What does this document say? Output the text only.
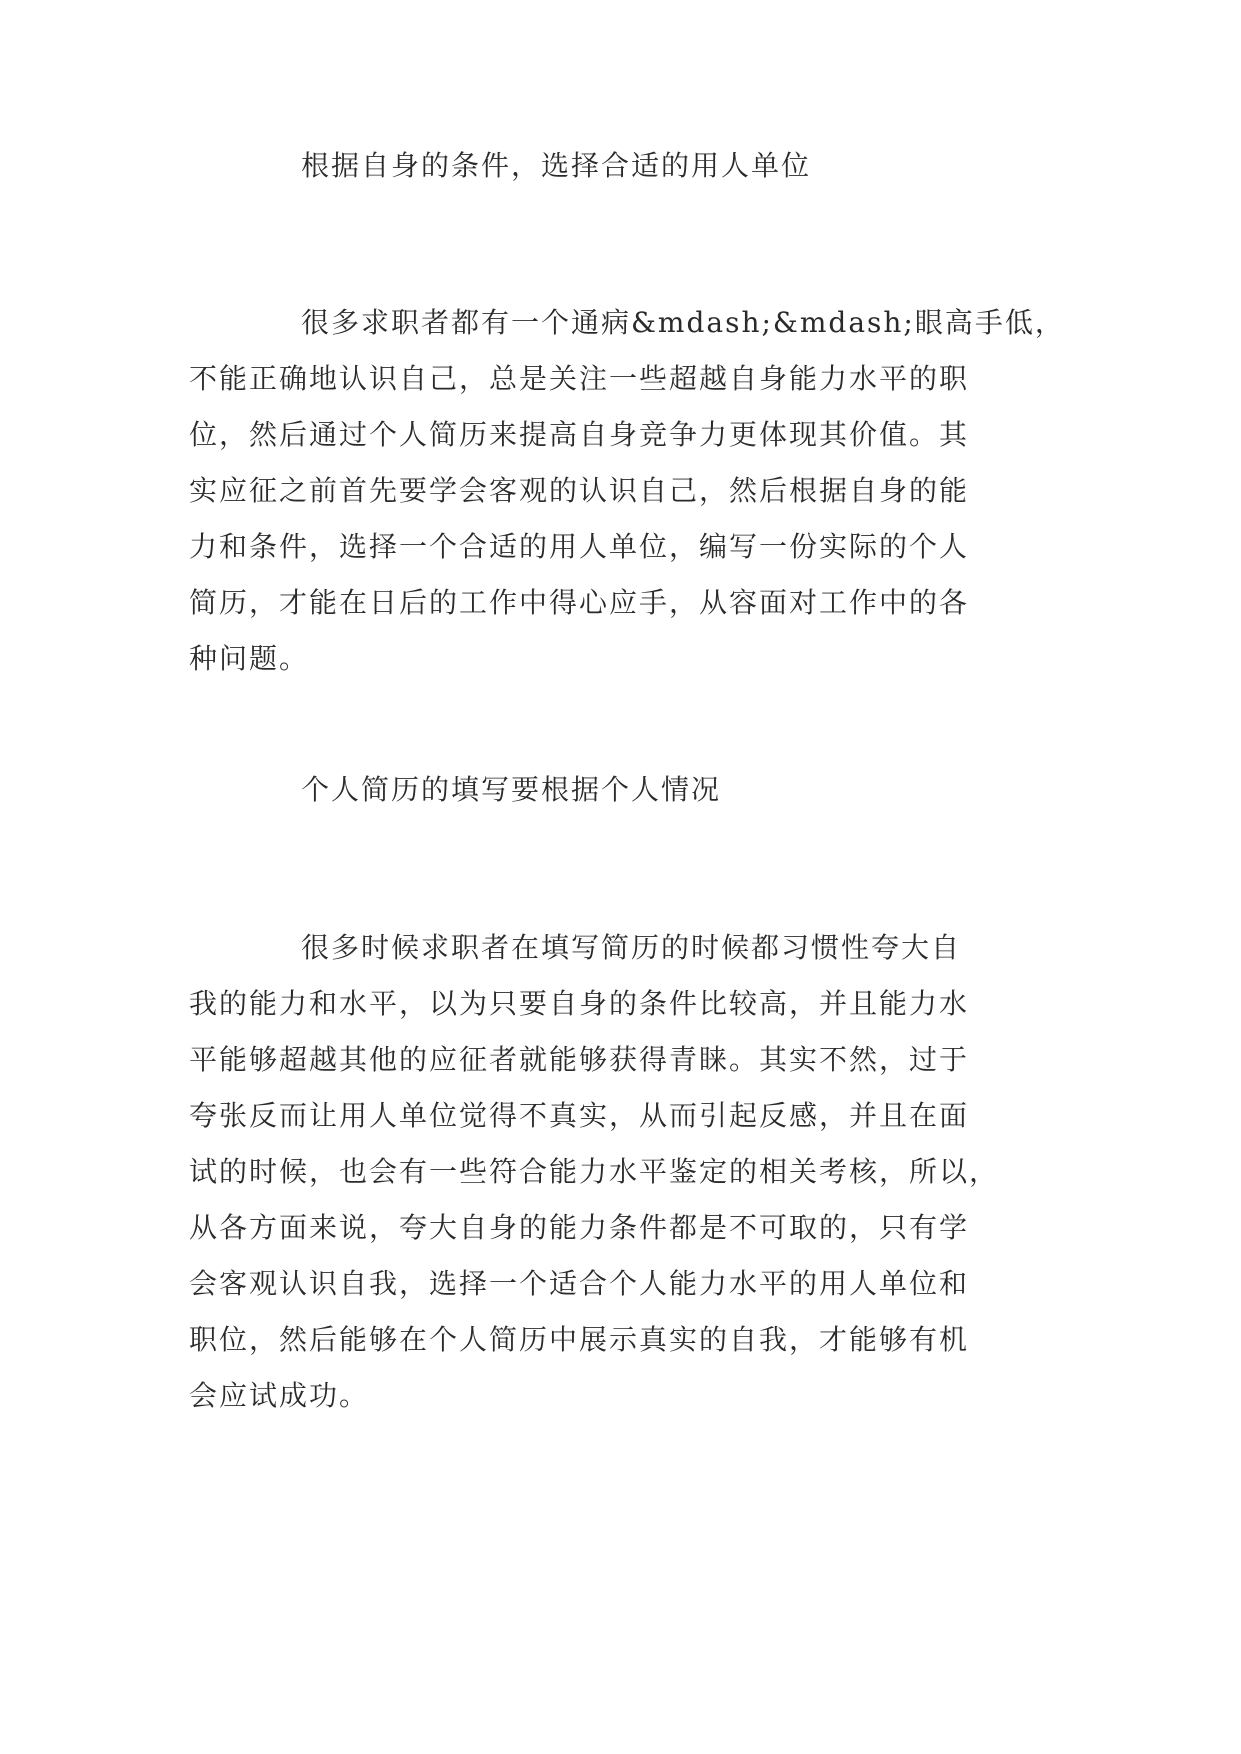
根据自身的条件，选择合适的用人单位

很多求职者都有一个通病&mdash;&mdash;眼高手低，
不能正确地认识自己，总是关注一些超越自身能力水平的职
位，然后通过个人简历来提高自身竞争力更体现其价值。其
实应征之前首先要学会客观的认识自己，然后根据自身的能
力和条件，选择一个合适的用人单位，编写一份实际的个人
简历，才能在日后的工作中得心应手，从容面对工作中的各
种问题。

个人简历的填写要根据个人情况

很多时候求职者在填写简历的时候都习惯性夸大自
我的能力和水平，以为只要自身的条件比较高，并且能力水
平能够超越其他的应征者就能够获得青睐。其实不然，过于
夸张反而让用人单位觉得不真实，从而引起反感，并且在面
试的时候，也会有一些符合能力水平鉴定的相关考核，所以，
从各方面来说，夸大自身的能力条件都是不可取的，只有学
会客观认识自我，选择一个适合个人能力水平的用人单位和
职位，然后能够在个人简历中展示真实的自我，才能够有机
会应试成功。
